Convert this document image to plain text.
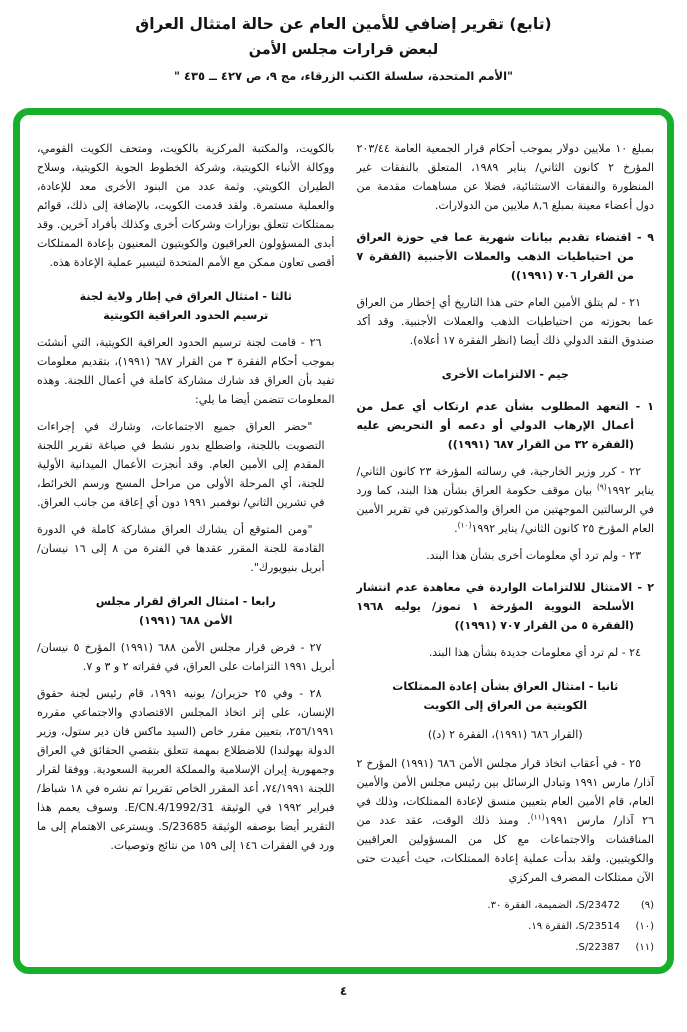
(تابع) تقرير إضافي للأمين العام عن حالة امتثال العراق
لبعض قرارات مجلس الأمن
"الأمم المتحدة، سلسلة الكتب الزرقاء، مج ٩، ص ٤٢٧ ــ ٤٣٥ "

بمبلغ ١٠ ملايين دولار بموجب أحكام قرار الجمعية العامة ٢٠٣/٤٤ المؤرخ ٢ كانون الثاني/ يناير ١٩٨٩، المتعلق بالنفقات غير المنظورة والنفقات الاستثنائية، فضلا عن مساهمات مقدمة من دول أعضاء معينة بمبلغ ٨,٦ ملايين من الدولارات.

٩ - اقتضاء تقديم بيانات شهرية عما في حوزة العراق من احتياطيات الذهب والعملات الأجنبية (الفقرة ٧ من القرار ٧٠٦ (١٩٩١))

٢١ - لم يتلق الأمين العام حتى هذا التاريخ أي إخطار من العراق عما بحوزته من احتياطيات الذهب والعملات الأجنبية. وقد أكد صندوق النقد الدولي ذلك أيضا (انظر الفقرة ١٧ أعلاه).

جيم - الالتزامات الأخرى

١ - التعهد المطلوب بشأن عدم ارتكاب أي عمل من أعمال الإرهاب الدولي أو دعمه أو التحريض عليه (الفقرة ٣٢ من القرار ٦٨٧ (١٩٩١))

٢٢ - كرر وزير الخارجية، في رسالته المؤرخة ٢٣ كانون الثاني/ يناير ١٩٩٢$^{(٩)}$ بيان موقف حكومة العراق بشأن هذا البند، كما ورد في الرسالتين الموجهتين من العراق والمذكورتين في تقرير الأمين العام المؤرخ ٢٥ كانون الثاني/ يناير ١٩٩٢$^{(١٠)}$.

٢٣ - ولم ترد أي معلومات أخرى بشأن هذا البند.

٢ - الامتثال للالتزامات الواردة في معاهدة عدم انتشار الأسلحة النووية المؤرخة ١ تموز/ يوليه ١٩٦٨ (الفقرة ٥ من القرار ٧٠٧ (١٩٩١))

٢٤ - لم ترد أي معلومات جديدة بشأن هذا البند.

ثانيا - امتثال العراق بشأن إعادة الممتلكات

الكويتية من العراق إلى الكويت

(القرار ٦٨٦ (١٩٩١)، الفقرة ٢ (د))

٢٥ - في أعقاب اتخاذ قرار مجلس الأمن ٦٨٦ (١٩٩١) المؤرخ ٢ آذار/ مارس ١٩٩١ وتبادل الرسائل بين رئيس مجلس الأمن والأمين العام، قام الأمين العام بتعيين منسق لإعادة الممتلكات، وذلك في ٢٦ آذار/ مارس ١٩٩١$^{(١١)}$. ومنذ ذلك الوقت، عقد عدد من المناقشات والاجتماعات مع كل من المسؤولين العراقيين والكويتيين. ولقد بدأت عملية إعادة الممتلكات، حيث أعيدت حتى الآن ممتلكات المصرف المركزي

(٩)
S/23472، الضميمة، الفقرة ٣٠.
(١٠)
S/23514، الفقرة ١٩.
(١١)
S/22387.

بالكويت، والمكتبة المركزية بالكويت، ومتحف الكويت القومي، ووكالة الأنباء الكويتية، وشركة الخطوط الجوية الكويتية، وسلاح الطيران الكويتي. وثمة عدد من البنود الأخرى معد للإعادة، والعملية مستمرة. ولقد قدمت الكويت، بالإضافة إلى ذلك، قوائم بممتلكات تتعلق بوزارات وشركات أخرى وكذلك بأفراد آخرين. وقد أبدى المسؤولون العراقيون والكويتيون المعنيون بإعادة الممتلكات أقصى تعاون ممكن مع الأمم المتحدة لتيسير عملية الإعادة هذه.

ثالثا - امتثال العراق في إطار ولاية لجنة

ترسيم الحدود العراقية الكويتية

٢٦ - قامت لجنة ترسيم الحدود العراقية الكويتية، التي أنشئت بموجب أحكام الفقرة ٣ من القرار ٦٨٧ (١٩٩١)، بتقديم معلومات تفيد بأن العراق قد شارك مشاركة كاملة في أعمال اللجنة. وهذه المعلومات تتضمن أيضا ما يلي:

"حضر العراق جميع الاجتماعات، وشارك في إجراءات التصويت باللجنة، واضطلع بدور نشط في صياغة تقرير اللجنة المقدم إلى الأمين العام. وقد أنجزت الأعمال الميدانية الأولية للجنة، أي المرحلة الأولى من مراحل المسح ورسم الخرائط، في تشرين الثاني/ نوفمبر ١٩٩١ دون أي إعاقة من جانب العراق.

"ومن المتوقع أن يشارك العراق مشاركة كاملة في الدورة القادمة للجنة المقرر عقدها في الفترة من ٨ إلى ١٦ نيسان/ أبريل بنيويورك".

رابعا - امتثال العراق لقرار مجلس

الأمن ٦٨٨ (١٩٩١)

٢٧ - فرض قرار مجلس الأمن ٦٨٨ (١٩٩١) المؤرخ ٥ نيسان/ أبريل ١٩٩١ التزامات على العراق، في فقراته ٢ و ٣ و ٧.

٢٨ - وفي ٢٥ حزيران/ يونيه ١٩٩١، قام رئيس لجنة حقوق الإنسان، على إثر اتخاذ المجلس الاقتصادي والاجتماعي مقرره ٢٥٦/١٩٩١، بتعيين مقرر خاص (السيد ماكس فان دير ستول، وزير الدولة بهولندا) للاضطلاع بمهمة تتعلق بتقصي الحقائق في العراق وجمهورية إيران الإسلامية والمملكة العربية السعودية. ووفقا لقرار اللجنة ٧٤/١٩٩١، أعد المقرر الخاص تقريرا تم نشره في ١٨ شباط/ فبراير ١٩٩٢ في الوثيقة E/CN.4/1992/31. وسوف يعمم هذا التقرير أيضا بوصفه الوثيقة S/23685. ويسترعى الاهتمام إلى ما ورد في الفقرات ١٤٦ إلى ١٥٩ من نتائج وتوصيات.

٤
